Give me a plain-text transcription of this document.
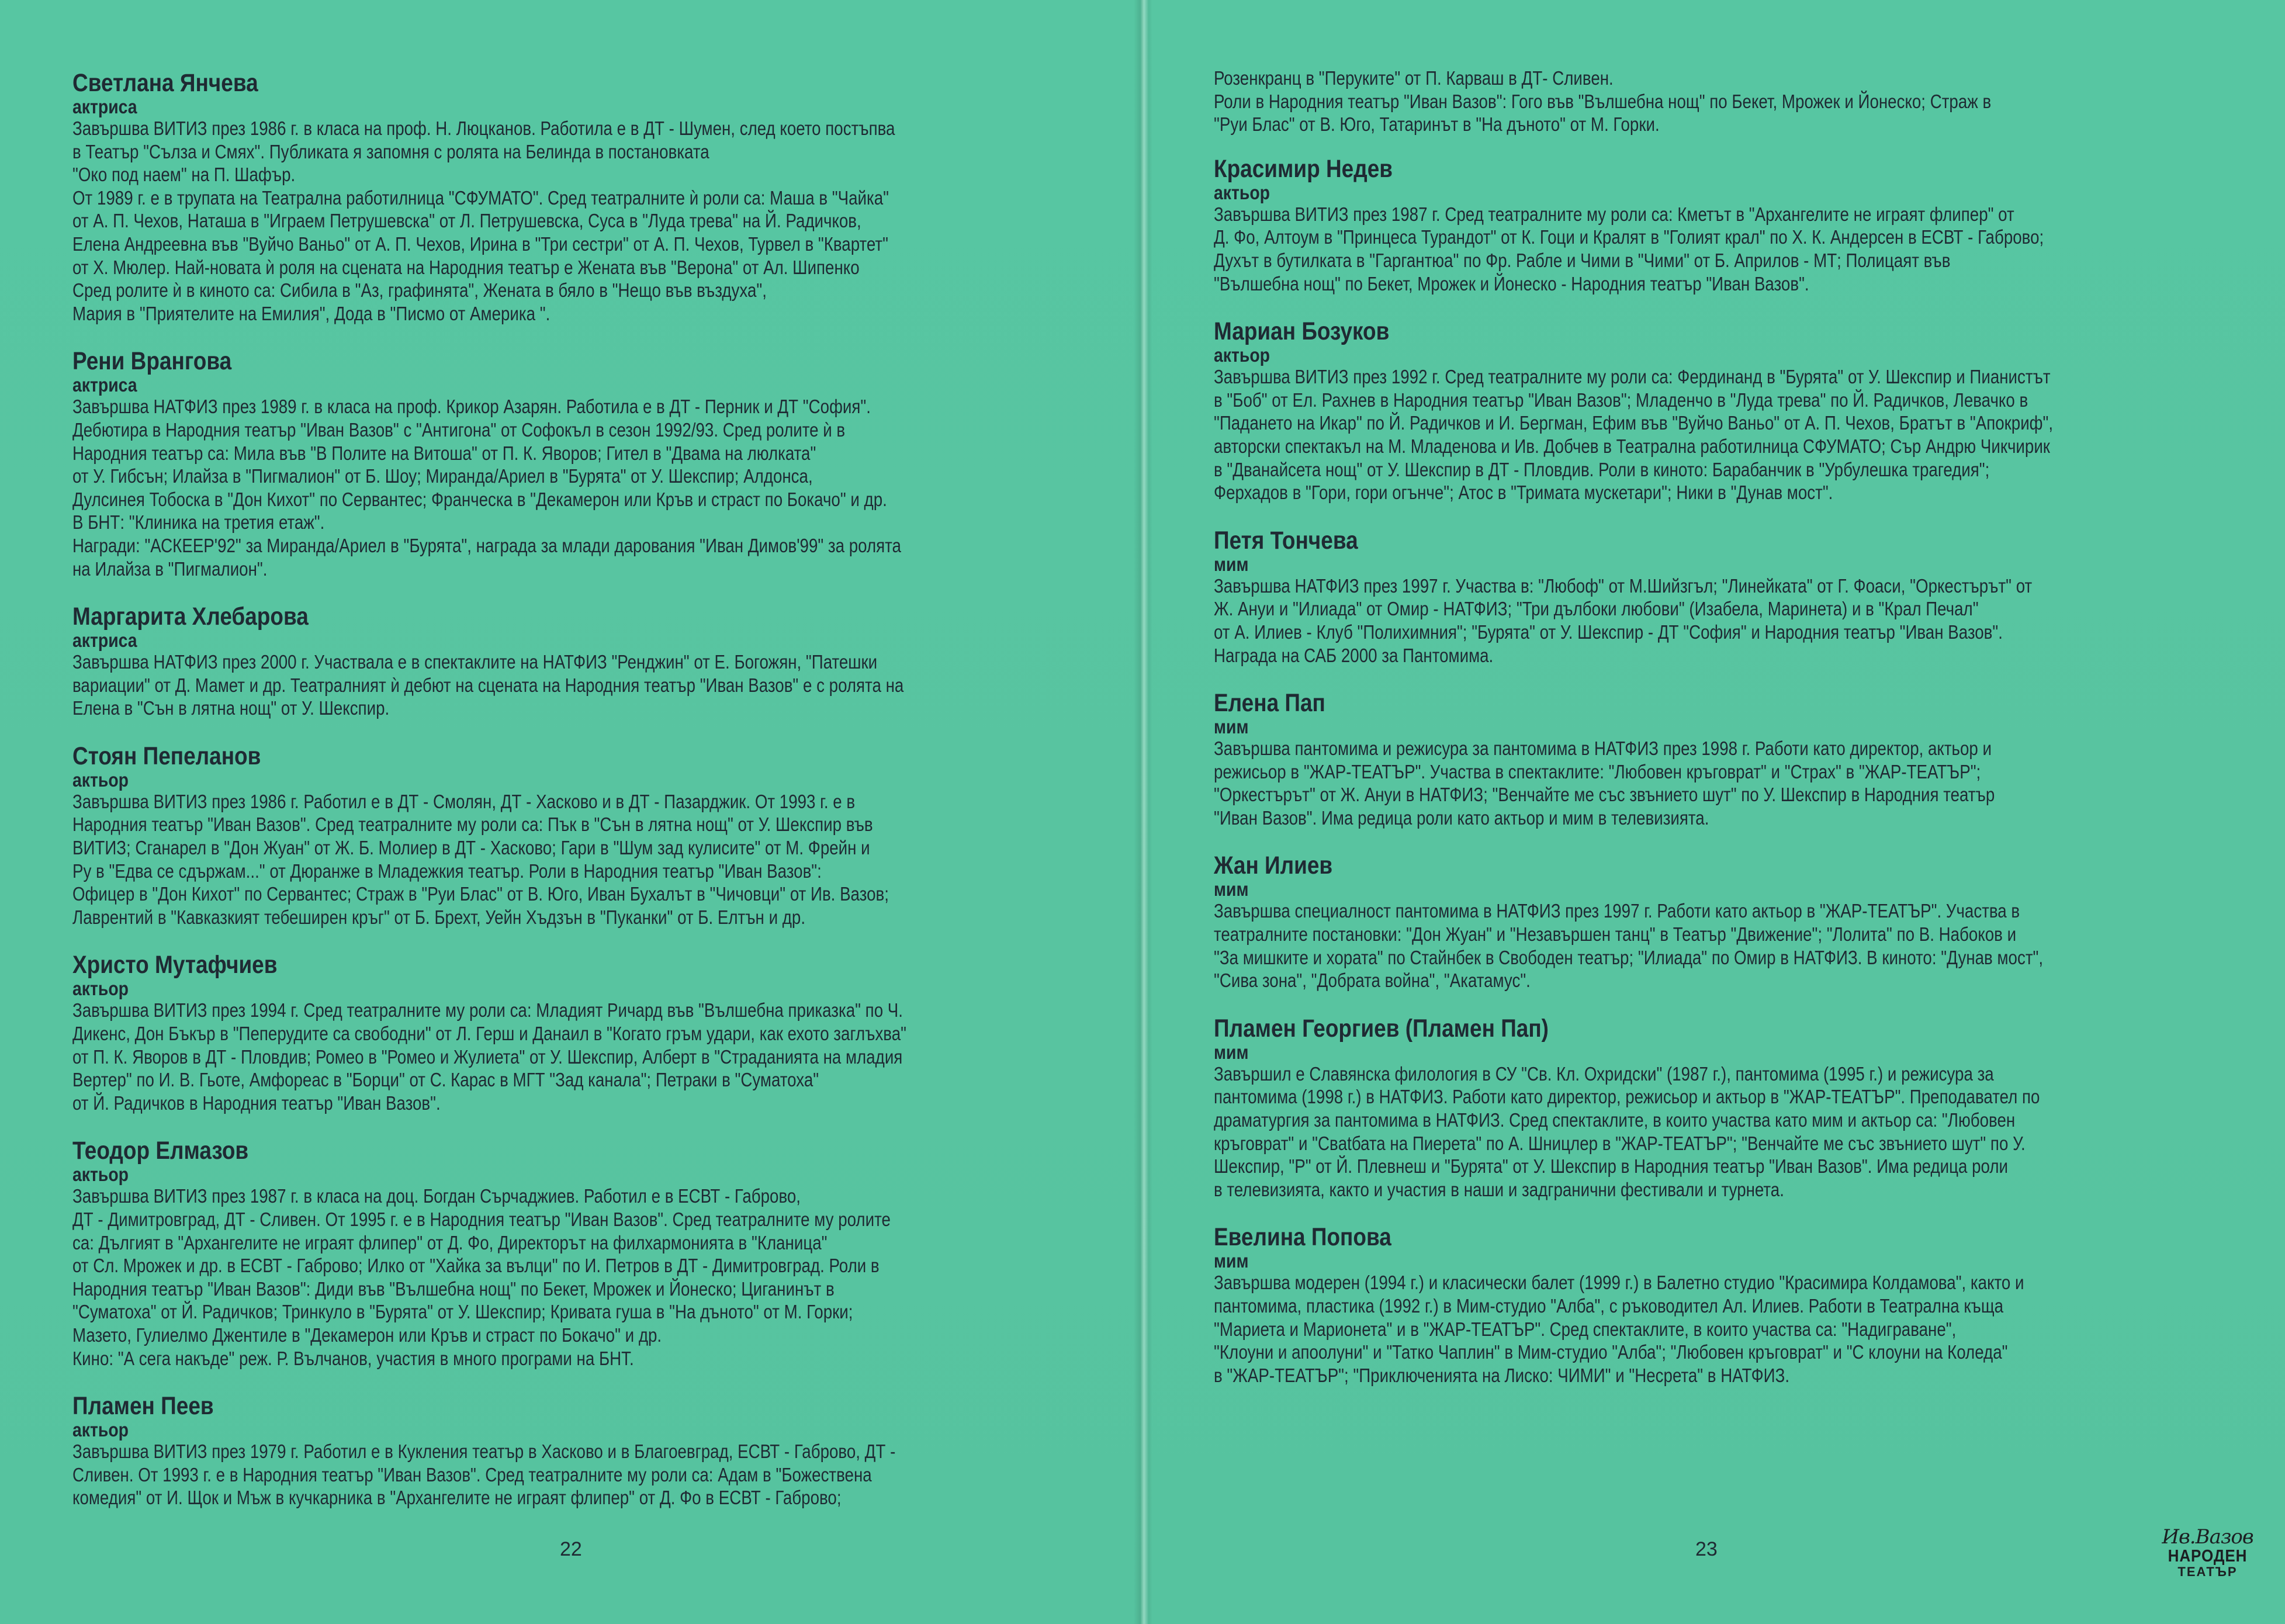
Светлана Янчева
актриса

Завършва ВИТИЗ през 1986 г. в класа на проф. Н. Люцканов. Работила е в ДТ - Шумен, след което постъпва

в Театър "Сълза и Смях". Публиката я запомня с ролята на Белинда в постановката

"Око под наем" на П. Шафър.

От 1989 г. е в трупата на Театрална работилница "СФУМАТО". Сред театралните ѝ роли са: Маша в "Чайка"

от А. П. Чехов, Наташа в "Играем Петрушевска" от Л. Петрушевска, Суса в "Луда трева" на Й. Радичков,

Елена Андреевна във "Вуйчо Ваньо" от А. П. Чехов, Ирина в "Три сестри" от А. П. Чехов, Турвел в "Квартет"

от Х. Мюлер. Най-новата ѝ роля на сцената на Народния театър е Жената във "Верона" от Ал. Шипенко

Сред ролите ѝ в киното са: Сибила в "Аз, графинята", Жената в бяло в "Нещо във въздуха",

Мария в "Приятелите на Емилия", Дода в "Писмо от Америка ".

Рени Врангова
актриса

Завършва НАТФИЗ през 1989 г. в класа на проф. Крикор Азарян. Работила е в ДТ - Перник и ДТ "София".

Дебютира в Народния театър "Иван Вазов" с "Антигона" от Софокъл в сезон 1992/93. Сред ролите ѝ в

Народния театър са: Мила във "В Полите на Витоша" от П. К. Яворов; Гител в "Двама на люлката"

от У. Гибсън; Илайза в "Пигмалион" от Б. Шоу; Миранда/Ариел в "Бурята" от У. Шекспир; Алдонса,

Дулсинея Тобоска в "Дон Кихот" по Сервантес; Франческа в "Декамерон или Кръв и страст по Бокачо" и др.

В БНТ: "Клиника на третия етаж".

Награди: "АСКЕЕР'92" за Миранда/Ариел в "Бурята", награда за млади дарования "Иван Димов'99" за ролята

на Илайза в "Пигмалион".

Маргарита Хлебарова
актриса

Завършва НАТФИЗ през 2000 г. Участвала е в спектаклите на НАТФИЗ "Ренджин" от Е. Богожян, "Патешки

вариации" от Д. Мамет и др. Театралният ѝ дебют на сцената на Народния театър "Иван Вазов" е с ролята на

Елена в "Сън в лятна нощ" от У. Шекспир.

Стоян Пепеланов
актьор

Завършва ВИТИЗ през 1986 г. Работил е в ДТ - Смолян, ДТ - Хасково и в ДТ - Пазарджик. От 1993 г. е в

Народния театър "Иван Вазов". Сред театралните му роли са: Пък в "Сън в лятна нощ" от У. Шекспир във

ВИТИЗ; Сганарел в "Дон Жуан" от Ж. Б. Молиер в ДТ - Хасково; Гари в "Шум зад кулисите" от М. Фрейн и

Ру в "Едва се сдържам..." от Дюранже в Младежкия театър. Роли в Народния театър "Иван Вазов":

Офицер в "Дон Кихот" по Сервантес; Страж в "Руи Блас" от В. Юго, Иван Бухалът в "Чичовци" от Ив. Вазов;

Лаврентий в "Кавказкият тебеширен кръг" от Б. Брехт, Уейн Хъдзън в "Пуканки" от Б. Елтън и др.

Христо Мутафчиев
актьор

Завършва ВИТИЗ през 1994 г. Сред театралните му роли са: Младият Ричард във "Вълшебна приказка" по Ч.

Дикенс, Дон Бъкър в "Пеперудите са свободни" от Л. Герш и Данаил в "Когато гръм удари, как ехото заглъхва"

от П. К. Яворов в ДТ - Пловдив; Ромео в "Ромео и Жулиета" от У. Шекспир, Алберт в "Страданията на младия

Вертер" по И. В. Гьоте, Амфореас в "Борци" от С. Карас в МГТ "Зад канала"; Петраки в "Суматоха"

от Й. Радичков в Народния театър "Иван Вазов".

Теодор Елмазов
актьор

Завършва ВИТИЗ през 1987 г. в класа на доц. Богдан Сърчаджиев. Работил е в ЕСВТ - Габрово,

ДТ - Димитровград, ДТ - Сливен. От 1995 г. е в Народния театър "Иван Вазов". Сред театралните му ролите

са: Дългият в "Архангелите не играят флипер" от Д. Фо, Директорът на филхармонията в "Кланица"

от Сл. Мрожек и др. в ЕСВТ - Габрово; Илко от "Хайка за вълци" по И. Петров в ДТ - Димитровград. Роли в

Народния театър "Иван Вазов": Диди във "Вълшебна нощ" по Бекет, Мрожек и Йонеско; Циганинът в

"Суматоха" от Й. Радичков; Тринкуло в "Бурята" от У. Шекспир; Кривата гуша в "На дъното" от М. Горки;

Мазето, Гулиелмо Джентиле в "Декамерон или Кръв и страст по Бокачо" и др.

Кино: "А сега накъде" реж. Р. Вълчанов, участия в много програми на БНТ.

Пламен Пеев
актьор

Завършва ВИТИЗ през 1979 г. Работил е в Кукления театър в Хасково и в Благоевград, ЕСВТ - Габрово, ДТ -

Сливен. От 1993 г. е в Народния театър "Иван Вазов". Сред театралните му роли са: Адам в "Божествена

комедия" от И. Щок и Мъж в кучкарника в "Архангелите не играят флипер" от Д. Фо в ЕСВТ - Габрово;

Розенкранц в "Перуките" от П. Карваш в ДТ- Сливен.

Роли в Народния театър "Иван Вазов": Гого във "Вълшебна нощ" по Бекет, Мрожек и Йонеско; Страж в

"Руи Блас" от В. Юго, Татаринът в "На дъното" от М. Горки.

Красимир Недев
актьор

Завършва ВИТИЗ през 1987 г. Сред театралните му роли са: Кметът в "Архангелите не играят флипер" от

Д. Фо, Алтоум в "Принцеса Турандот" от К. Гоци и Кралят в "Голият крал" по Х. К. Андерсен в ЕСВТ - Габрово;

Духът в бутилката в "Гаргантюа" по Фр. Рабле и Чими в "Чими" от Б. Априлов - МТ; Полицаят във

"Вълшебна нощ" по Бекет, Мрожек и Йонеско - Народния театър "Иван Вазов".

Мариан Бозуков
актьор

Завършва ВИТИЗ през 1992 г. Сред театралните му роли са: Фердинанд в "Бурята" от У. Шекспир и Пианистът

в "Боб" от Ел. Рахнев в Народния театър "Иван Вазов"; Младенчо в "Луда трева" по Й. Радичков, Левачко в

"Падането на Икар" по Й. Радичков и И. Бергман, Ефим във "Вуйчо Ваньо" от А. П. Чехов, Братът в "Апокриф",

авторски спектакъл на М. Младенова и Ив. Добчев в Театрална работилница СФУМАТО; Сър Андрю Чикчирик

в "Дванайсета нощ" от У. Шекспир в ДТ - Пловдив. Роли в киното: Барабанчик в "Урбулешка трагедия";

Ферхадов в "Гори, гори огънче"; Атос в "Тримата мускетари"; Ники в "Дунав мост".

Петя Тончева
мим

Завършва НАТФИЗ през 1997 г. Участва в: "Любоф" от М.Шийзгъл; "Линейката" от Г. Фоаси, "Оркестърът" от

Ж. Ануи и "Илиада" от Омир - НАТФИЗ; "Три дълбоки любови" (Изабела, Маринета) и в "Крал Печал"

от А. Илиев - Клуб "Полихимния"; "Бурята" от У. Шекспир - ДТ "София" и Народния театър "Иван Вазов".

Награда на САБ 2000 за Пантомима.

Елена Пап
мим

Завършва пантомима и режисура за пантомима в НАТФИЗ през 1998 г. Работи като директор, актьор и

режисьор в "ЖАР-ТЕАТЪР". Участва в спектаклите: "Любовен кръговрат" и "Страх" в "ЖАР-ТЕАТЪР";

"Оркестърът" от Ж. Ануи в НАТФИЗ; "Венчайте ме със звънието шут" по У. Шекспир в Народния театър

"Иван Вазов". Има редица роли като актьор и мим в телевизията.

Жан Илиев
мим

Завършва специалност пантомима в НАТФИЗ през 1997 г. Работи като актьор в "ЖАР-ТЕАТЪР". Участва в

театралните постановки: "Дон Жуан" и "Незавършен танц" в Театър "Движение"; "Лолита" по В. Набоков и

"За мишките и хората" по Стайнбек в Свободен театър; "Илиада" по Омир в НАТФИЗ. В киното: "Дунав мост",

"Сива зона", "Добрата война", "Акатамус".

Пламен Георгиев (Пламен Пап)
мим

Завършил е Славянска филология в СУ "Св. Кл. Охридски" (1987 г.), пантомима (1995 г.) и режисура за

пантомима (1998 г.) в НАТФИЗ. Работи като директор, режисьор и актьор в "ЖАР-ТЕАТЪР". Преподавател по

драматургия за пантомима в НАТФИЗ. Сред спектаклите, в които участва като мим и актьор са: "Любовен

кръговрат" и "Свatбата на Пиерета" по А. Шницлер в "ЖАР-ТЕАТЪР"; "Венчайте ме със звънието шут" по У.

Шекспир, "Р" от Й. Плевнеш и "Бурята" от У. Шекспир в Народния театър "Иван Вазов". Има редица роли

в телевизията, както и участия в наши и задгранични фестивали и турнета.

Евелина Попова
мим

Завършва модерен (1994 г.) и класически балет (1999 г.) в Балетно студио "Красимира Колдамова", както и

пантомима, пластика (1992 г.) в Мим-студио "Алба", с ръководител Ал. Илиев. Работи в Театрална къща

"Мариета и Марионета" и в "ЖАР-ТЕАТЪР". Сред спектаклите, в които участва са: "Надиграване",

"Клоуни и апоолуни" и "Татко Чаплин" в Мим-студио "Алба"; "Любовен кръговрат" и "С клоуни на Коледа"

в "ЖАР-ТЕАТЪР"; "Приключенията на Лиско: ЧИМИ" и "Несрета" в НАТФИЗ.

22	23
Ив.Вазов
НАРОДЕН
ТЕАТЪР
